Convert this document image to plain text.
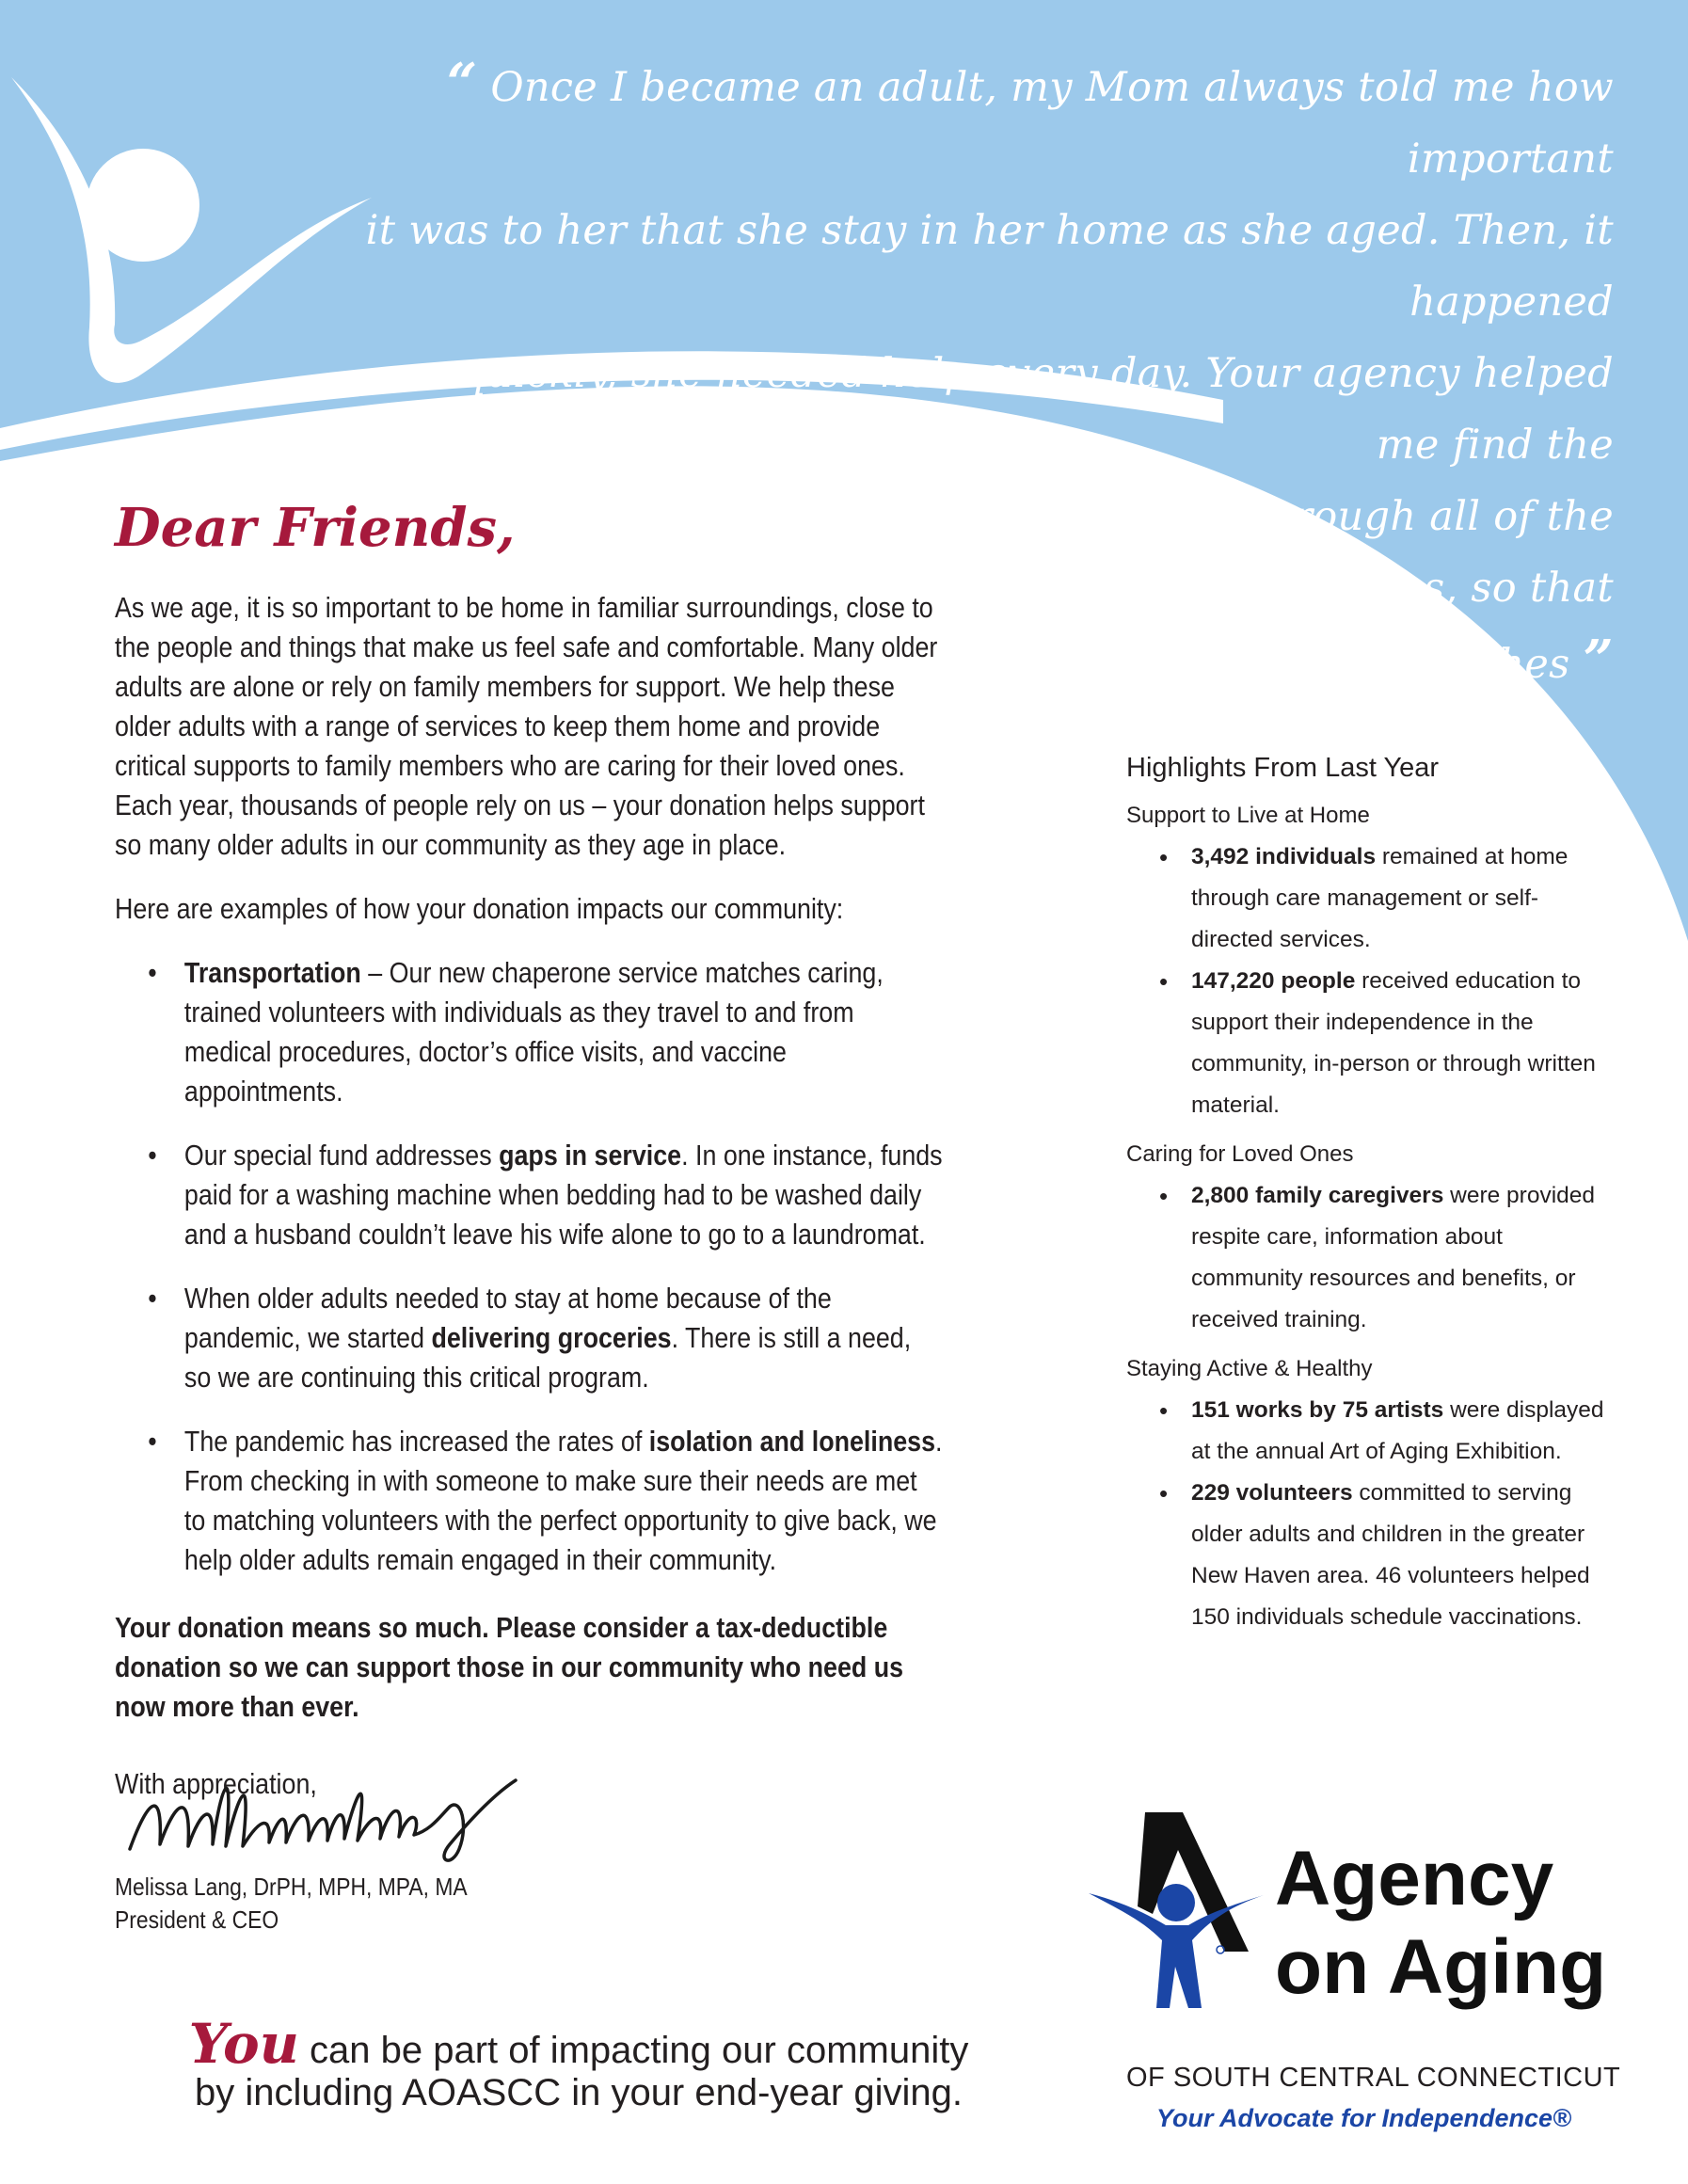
“ Once I became an adult, my Mom always told me how important
it was to her that she stay in her home as she aged. Then, it happened
so quickly, she needed help every day. Your agency helped me find the
services that she needs, walking me through all of the options, so that
I could honor her wishes ”
Dear Friends,

As we age, it is so important to be home in familiar surroundings, close to the people and things that make us feel safe and comfortable. Many older adults are alone or rely on family members for support. We help these older adults with a range of services to keep them home and provide critical supports to family members who are caring for their loved ones. Each year, thousands of people rely on us – your donation helps support so many older adults in our community as they age in place.

Here are examples of how your donation impacts our community:

• Transportation – Our new chaperone service matches caring, trained volunteers with individuals as they travel to and from medical procedures, doctor’s office visits, and vaccine appointments.
• Our special fund addresses gaps in service. In one instance, funds paid for a washing machine when bedding had to be washed daily and a husband couldn’t leave his wife alone to go to a laundromat.
• When older adults needed to stay at home because of the pandemic, we started delivering groceries. There is still a need, so we are continuing this critical program.
• The pandemic has increased the rates of isolation and loneliness. From checking in with someone to make sure their needs are met to matching volunteers with the perfect opportunity to give back, we help older adults remain engaged in their community.

Your donation means so much. Please consider a tax-deductible donation so we can support those in our community who need us now more than ever.

With appreciation,

Melissa Lang, DrPH, MPH, MPA, MA
President & CEO
You can be part of impacting our community
by including AOASCC in your end-year giving.
Highlights From Last Year
Support to Live at Home
• 3,492 individuals remained at home through care management or self-directed services.
• 147,220 people received education to support their independence in the community, in-person or through written material.
Caring for Loved Ones
• 2,800 family caregivers were provided respite care, information about community resources and benefits, or received training.
Staying Active & Healthy
• 151 works by 75 artists were displayed at the annual Art of Aging Exhibition.
• 229 volunteers committed to serving older adults and children in the greater New Haven area. 46 volunteers helped 150 individuals schedule vaccinations.
Agency
on Aging
OF SOUTH CENTRAL CONNECTICUT
Your Advocate for Independence®
